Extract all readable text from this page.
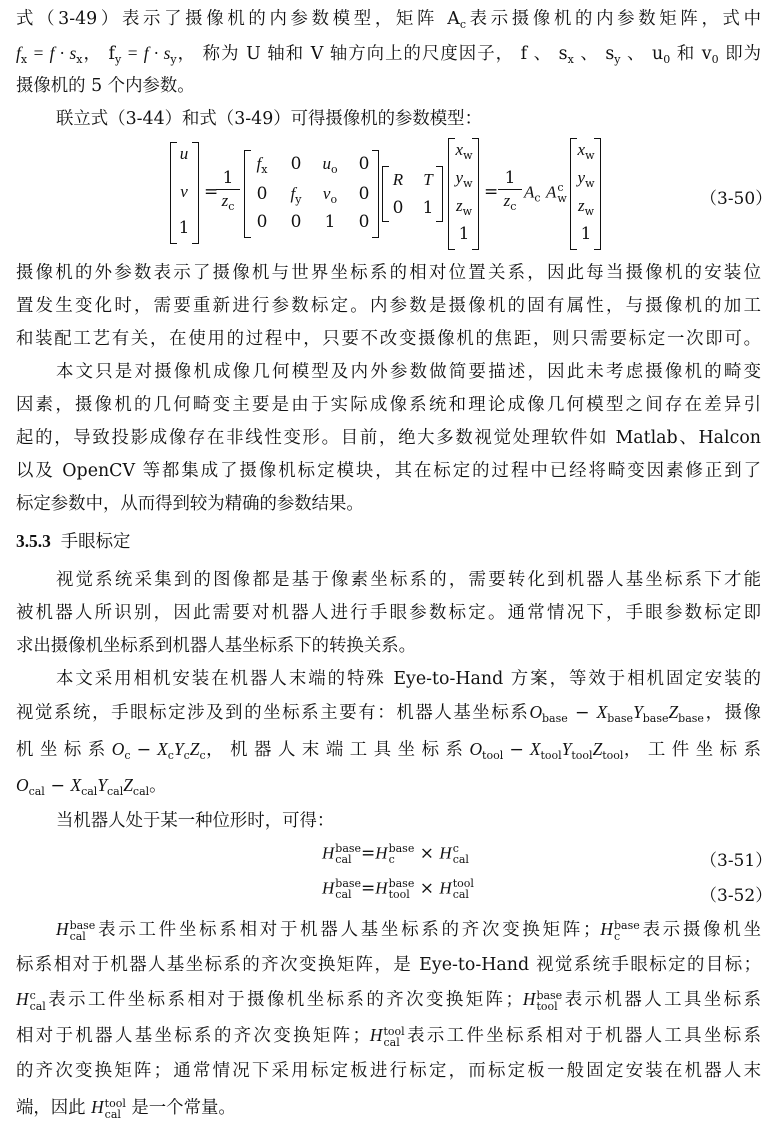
式（3-49）表示了摄像机的内参数模型，矩阵 $A_c$表示摄像机的内参数矩阵，式中
$f_x = f \cdot s_x$， $f_y = f \cdot s_y$， 称为 U 轴和 V 轴方向上的尺度因子， f 、 $s_x$ 、 $s_y$ 、 $u_0$ 和 $v_0$ 即为
摄像机的 5 个内参数。
联立式（3-44）和式（3-49）可得摄像机的参数模型：
u
v
1
=
1
$z_c$
$f_x$	0	$u_o$	0
0	$f_y$	$v_o$	0
0	0	1	0
R	T
0	1
$x_w$
$y_w$
$z_w$
1
=
1
$z_c$
$A_c$ A c
w
$x_w$
$y_w$
$z_w$
1
（3-50）
摄像机的外参数表示了摄像机与世界坐标系的相对位置关系，因此每当摄像机的安装位
置发生变化时，需要重新进行参数标定。内参数是摄像机的固有属性，与摄像机的加工
和装配工艺有关，在使用的过程中，只要不改变摄像机的焦距，则只需要标定一次即可。
本文只是对摄像机成像几何模型及内外参数做简要描述，因此未考虑摄像机的畸变
因素，摄像机的几何畸变主要是由于实际成像系统和理论成像几何模型之间存在差异引
起的，导致投影成像存在非线性变形。目前，绝大多数视觉处理软件如 Matlab、Halcon
以及 OpenCV 等都集成了摄像机标定模块，其在标定的过程中已经将畸变因素修正到了
标定参数中，从而得到较为精确的参数结果。
3.5.3 手眼标定
视觉系统采集到的图像都是基于像素坐标系的，需要转化到机器人基坐标系下才能
被机器人所识别，因此需要对机器人进行手眼参数标定。通常情况下，手眼参数标定即
求出摄像机坐标系到机器人基坐标系下的转换关系。
本文采用相机安装在机器人末端的特殊 Eye-to-Hand 方案，等效于相机固定安装的
视觉系统，手眼标定涉及到的坐标系主要有：机器人基坐标系$O_{base} - X_{base}Y_{base}Z_{base}$，摄像
机 坐 标 系 $O_c - X_cY_cZ_c$， 机 器 人 末 端 工 具 坐 标 系 $O_{tool} - X_{tool}Y_{tool}Z_{tool}$， 工 件 坐 标 系
$O_{cal} - X_{cal}Y_{cal}Z_{cal}$。
当机器人处于某一种位形时，可得：
H base
cal =H base
c	× H c
cal	（3-51）
H base
cal =H base
tool × H tool
cal	（3-52）
H base
cal 表示工件坐标系相对于机器人基坐标系的齐次变换矩阵；H base
c	表示摄像机坐
标系相对于机器人基坐标系的齐次变换矩阵，是 Eye-to-Hand 视觉系统手眼标定的目标；
H c
cal 表示工件坐标系相对于摄像机坐标系的齐次变换矩阵；H base
tool 表示机器人工具坐标系
相对于机器人基坐标系的齐次变换矩阵；H tool
cal 表示工件坐标系相对于机器人工具坐标系
的齐次变换矩阵；通常情况下采用标定板进行标定，而标定板一般固定安装在机器人末
端，因此 H tool
cal 是一个常量。
